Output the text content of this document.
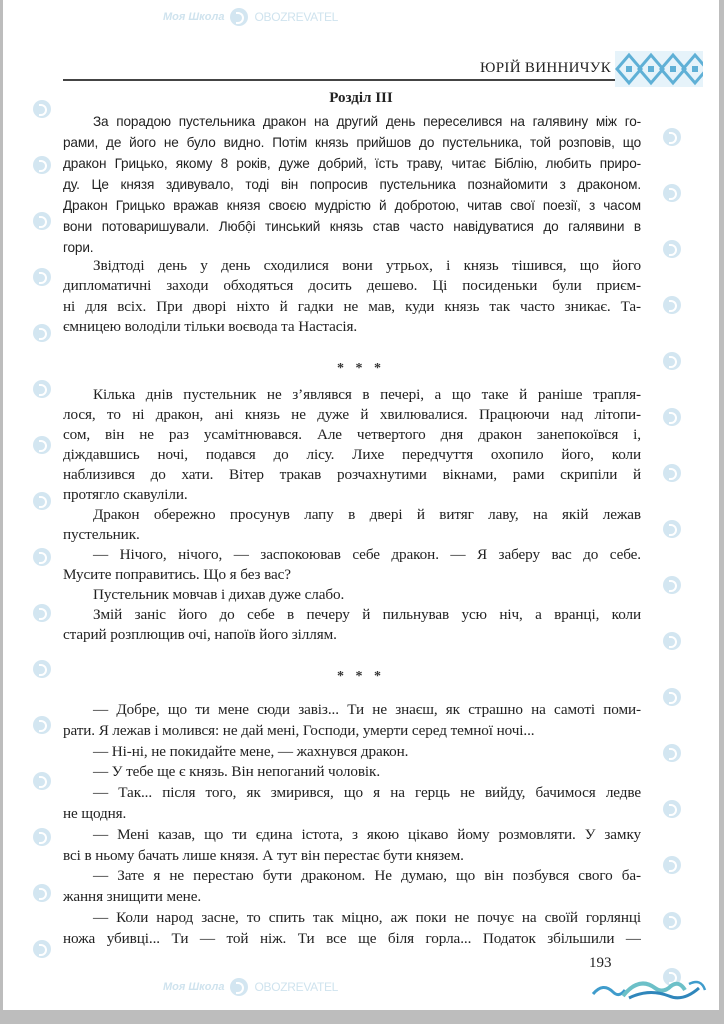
Моя Школа	OBOZREVATEL
Моя Школа	OBOZREVATEL
ЮРІЙ ВИННИЧУК
Розділ III
За порадою пустельника дракон на другий день переселився на галявину між го-
рами, де його не було видно. Потім князь прийшов до пустельника, той розповів, що
дракон Грицько, якому 8 років, дуже добрий, їсть траву, читає Біблію, любить приро-
ду. Це князя здивувало, тоді він попросив пустельника познайомити з драконом.
Дракон Грицько вражав князя своєю мудрістю й добротою, читав свої поезії, з часом
вони потоваришували. Любội тинський князь став часто навідуватися до галявини в
гори.
Звідтоді день у день сходилися вони утрьох, і князь тішився, що його
дипломатичні заходи обходяться досить дешево. Ці посиденьки були приєм-
ні для всіх. При дворі ніхто й гадки не мав, куди князь так часто зникає. Та-
ємницею володіли тільки воєвода та Настасія.
Кілька днів пустельник не з’являвся в печері, а що таке й раніше трапля-
лося, то ні дракон, ані князь не дуже й хвилювалися. Працюючи над літопи-
сом, він не раз усамітнювався. Але четвертого дня дракон занепокоївся і,
діждавшись ночі, подався до лісу. Лихе передчуття охопило його, коли
наблизився до хати. Вітер тракав розчахнутими вікнами, рами скрипіли й
протягло скавуліли.
Дракон обережно просунув лапу в двері й витяг лаву, на якій лежав
пустельник.
— Нічого, нічого, — заспокоював себе дракон. — Я заберу вас до себе.
Мусите поправитись. Що я без вас?
Пустельник мовчав і дихав дуже слабо.
Змій заніс його до себе в печеру й пильнував усю ніч, а вранці, коли
старий розплющив очі, напоїв його зіллям.
— Добре, що ти мене сюди завіз... Ти не знаєш, як страшно на самоті поми-
рати. Я лежав і молився: не дай мені, Господи, умерти серед темної ночі...
— Ні-ні, не покидайте мене, — жахнувся дракон.
— У тебе ще є князь. Він непоганий чоловік.
— Так... після того, як змирився, що я на герць не вийду, бачимося ледве
не щодня.
— Мені казав, що ти єдина істота, з якою цікаво йому розмовляти. У замку
всі в ньому бачать лише князя. А тут він перестає бути князем.
— Зате я не перестаю бути драконом. Не думаю, що він позбувся свого ба-
жання знищити мене.
— Коли народ засне, то спить так міцно, аж поки не почує на своїй горлянці
ножа убивці... Ти — той ніж. Ти все ще біля горла... Податок збільшили —
* * *
* * *
193
